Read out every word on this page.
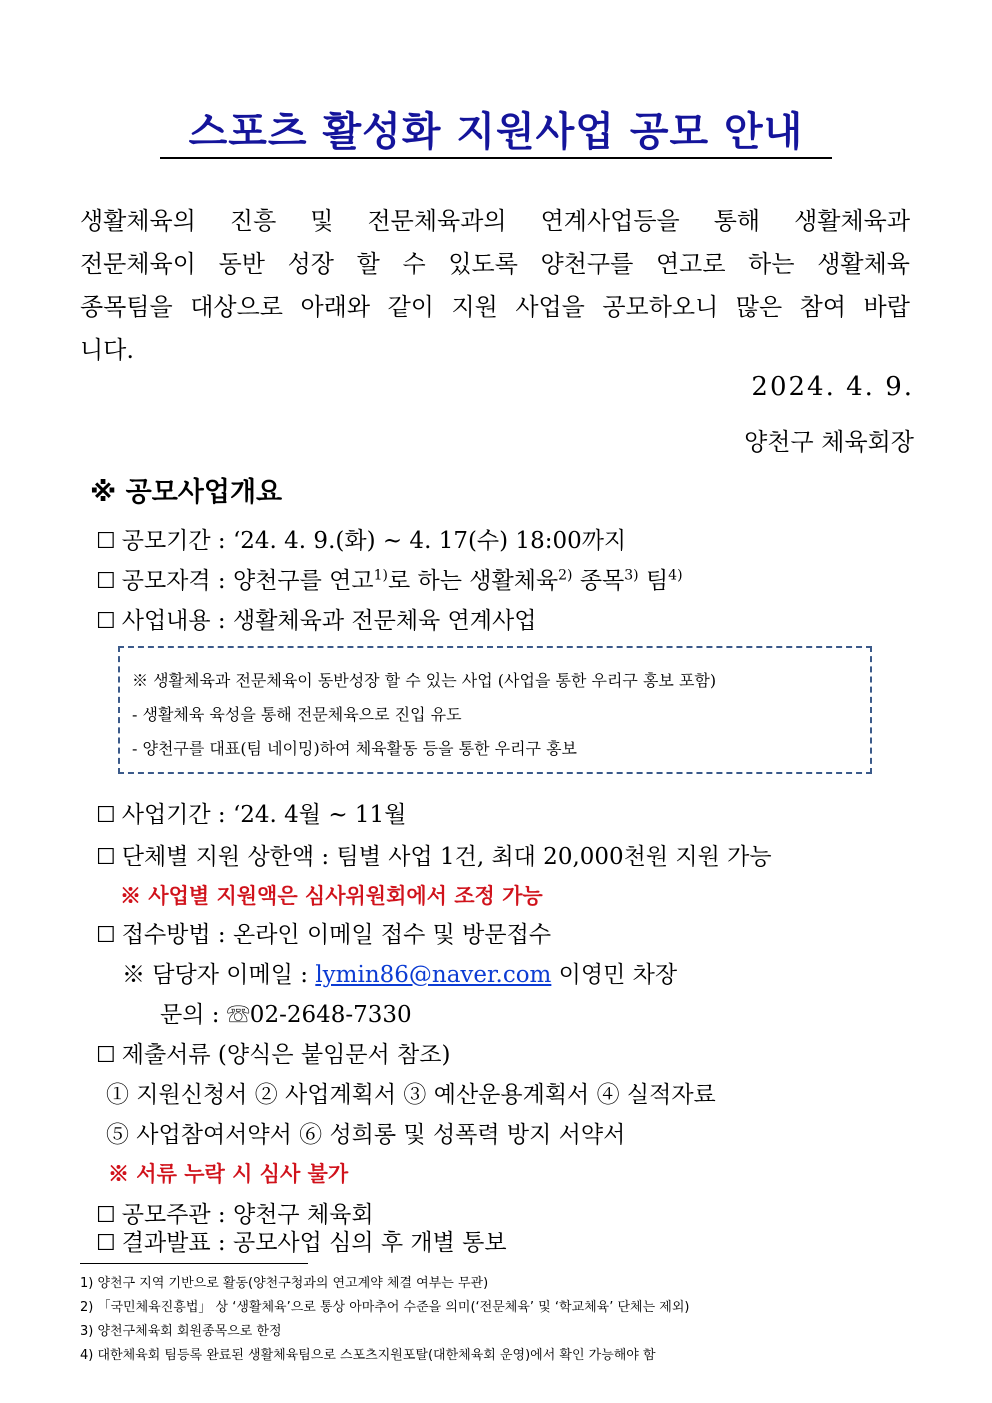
스포츠 활성화 지원사업 공모 안내
생활체육의 진흥 및 전문체육과의 연계사업등을 통해 생활체육과
전문체육이 동반 성장 할 수 있도록 양천구를 연고로 하는 생활체육
종목팀을 대상으로 아래와 같이 지원 사업을 공모하오니 많은 참여 바랍
니다.
2024. 4. 9.
양천구 체육회장
※ 공모사업개요
☐ 공모기간 : ‘24. 4. 9.(화) ~ 4. 17(수) 18:00까지
☐ 공모자격 : 양천구를 연고$^{1)}$로 하는 생활체육$^{2)}$ 종목$^{3)}$ 팀$^{4)}$
☐ 사업내용 : 생활체육과 전문체육 연계사업
※ 생활체육과 전문체육이 동반성장 할 수 있는 사업 (사업을 통한 우리구 홍보 포함)
- 생활체육 육성을 통해 전문체육으로 진입 유도
- 양천구를 대표(팀 네이밍)하여 체육활동 등을 통한 우리구 홍보
☐ 사업기간 : ‘24. 4월 ~ 11월
☐ 단체별 지원 상한액 : 팀별 사업 1건, 최대 20,000천원 지원 가능
※ 사업별 지원액은 심사위원회에서 조정 가능
☐ 접수방법 : 온라인 이메일 접수 및 방문접수
※ 담당자 이메일 : lymin86@naver.com 이영민 차장
문의 : ☏02-2648-7330
☐ 제출서류 (양식은 붙임문서 참조)
① 지원신청서 ② 사업계획서 ③ 예산운용계획서 ④ 실적자료
⑤ 사업참여서약서 ⑥ 성희롱 및 성폭력 방지 서약서
※ 서류 누락 시 심사 불가
☐ 공모주관 : 양천구 체육회
☐ 결과발표 : 공모사업 심의 후 개별 통보
1) 양천구 지역 기반으로 활동(양천구청과의 연고계약 체결 여부는 무관)
2) 「국민체육진흥법」 상 ‘생활체육’으로 통상 아마추어 수준을 의미(‘전문체육’ 및 ‘학교체육’ 단체는 제외)
3) 양천구체육회 회원종목으로 한정
4) 대한체육회 팀등록 완료된 생활체육팀으로 스포츠지원포탈(대한체육회 운영)에서 확인 가능해야 함
